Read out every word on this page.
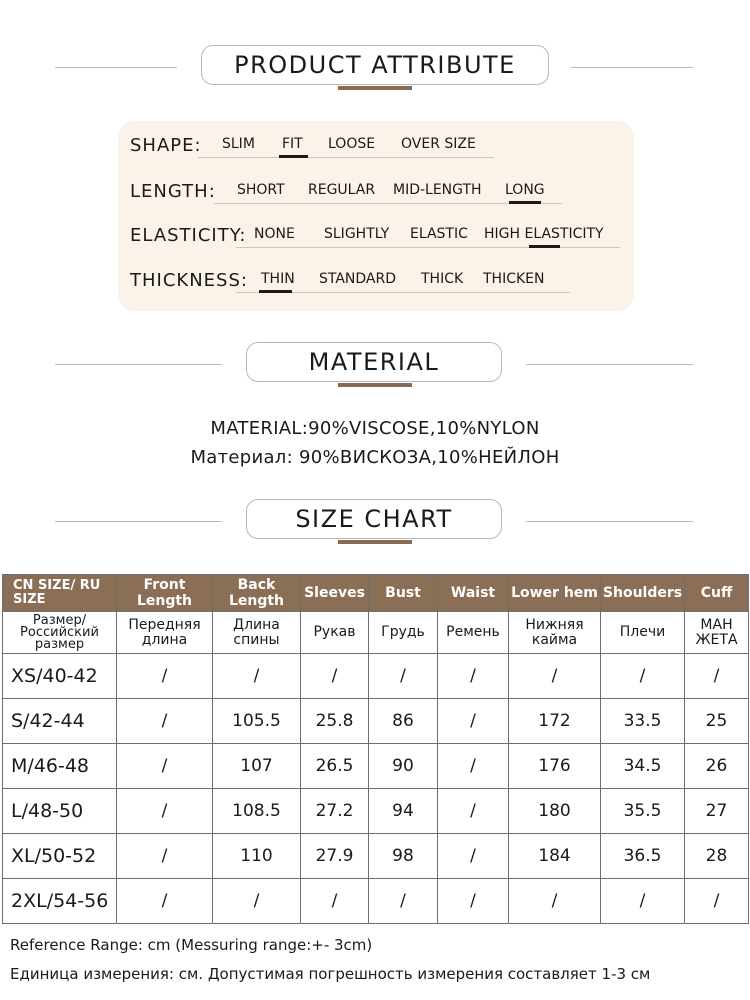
PRODUCT ATTRIBUTE
SHAPE: SLIM FIT LOOSE OVER SIZE
LENGTH: SHORT REGULAR MID-LENGTH LONG
ELASTICITY: NONE SLIGHTLY ELASTIC HIGH ELASTICITY
THICKNESS: THIN STANDARD THICK THICKEN
MATERIAL
MATERIAL:90%VISCOSE,10%NYLON
Материал: 90%ВИСКОЗА,10%НЕЙЛОН
SIZE CHART
CN SIZE/ RU SIZE	Front Length	Back Length	Sleeves	Bust	Waist	Lower hem	Shoulders	Cuff
Размер/ Российский размер	Передняя длина	Длина спины	Рукав	Грудь	Ремень	Нижняя кайма	Плечи	МАН ЖЕТА
XS/40-42	/	/	/	/	/	/	/	/
S/42-44	/	105.5	25.8	86	/	172	33.5	25
M/46-48	/	107	26.5	90	/	176	34.5	26
L/48-50	/	108.5	27.2	94	/	180	35.5	27
XL/50-52	/	110	27.9	98	/	184	36.5	28
2XL/54-56	/	/	/	/	/	/	/	/
Reference Range: cm (Messuring range:+- 3cm)
Единица измерения: см. Допустимая погрешность измерения составляет 1-3 см
